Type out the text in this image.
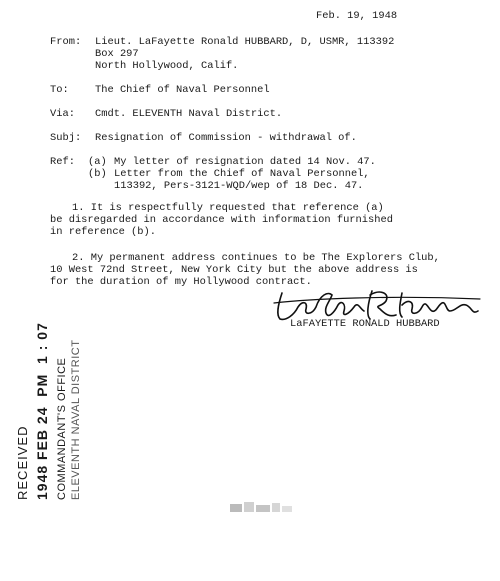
Feb. 19, 1948
From: Lieut. LaFayette Ronald HUBBARD, D, USMR, 113392
Box 297
North Hollywood, Calif.
To:	The Chief of Naval Personnel
Via: Cmdt. ELEVENTH Naval District.
Subj: Resignation of Commission - withdrawal of.
Ref: (a) My letter of resignation dated 14 Nov. 47.
(b) Letter from the Chief of Naval Personnel,
113392, Pers-3121-WQD/wep of 18 Dec. 47.
1. It is respectfully requested that reference (a)
be disregarded in accordance with information furnished
in reference (b).
2. My permanent address continues to be The Explorers Club,
10 West 72nd Street, New York City but the above address is
for the duration of my Hollywood contract.
LaFAYETTE RONALD HUBBARD
RECEIVED 1948 FEB 24  PM  1 : 07 COMMANDANT'S OFFICE ELEVENTH NAVAL DISTRICT
